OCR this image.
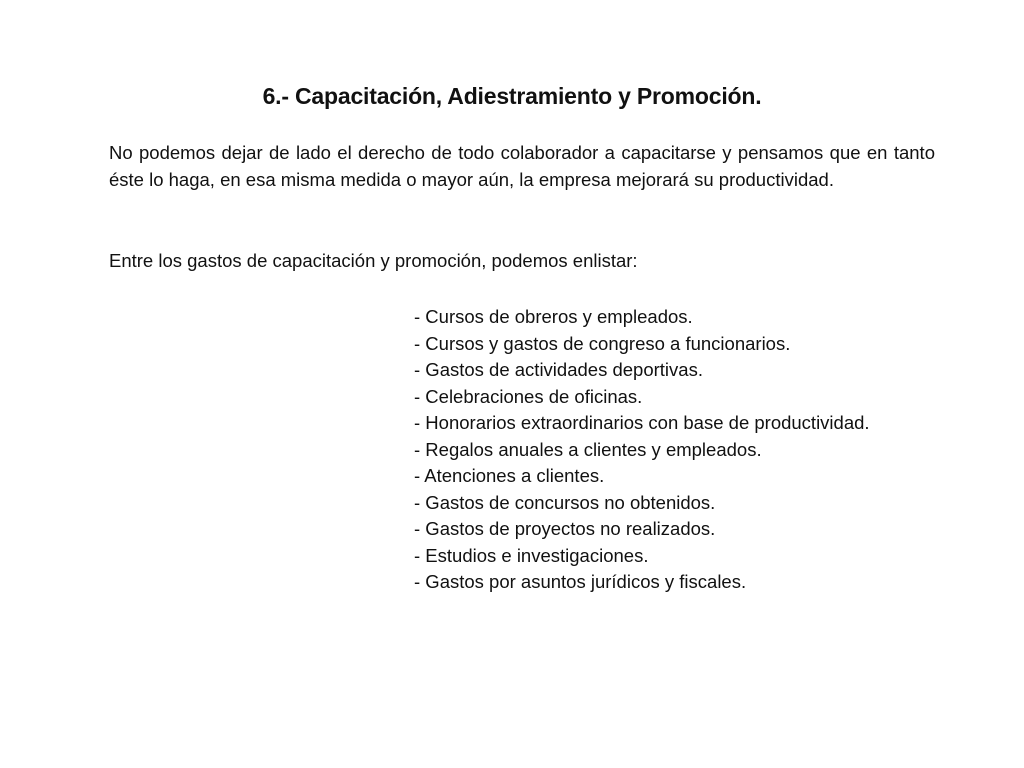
6.- Capacitación, Adiestramiento y Promoción.

No podemos dejar de lado el derecho de todo colaborador a capacitarse y pensamos que en tanto éste lo haga, en esa misma medida o mayor aún, la empresa mejorará su productividad.

Entre los gastos de capacitación y promoción, podemos enlistar:

- Cursos de obreros y empleados.
- Cursos y gastos de congreso a funcionarios.
- Gastos de actividades deportivas.
- Celebraciones de oficinas.
- Honorarios extraordinarios con base de productividad.
- Regalos anuales a clientes y empleados.
- Atenciones a clientes.
- Gastos de concursos no obtenidos.
- Gastos de proyectos no realizados.
- Estudios e investigaciones.
- Gastos por asuntos jurídicos y fiscales.
